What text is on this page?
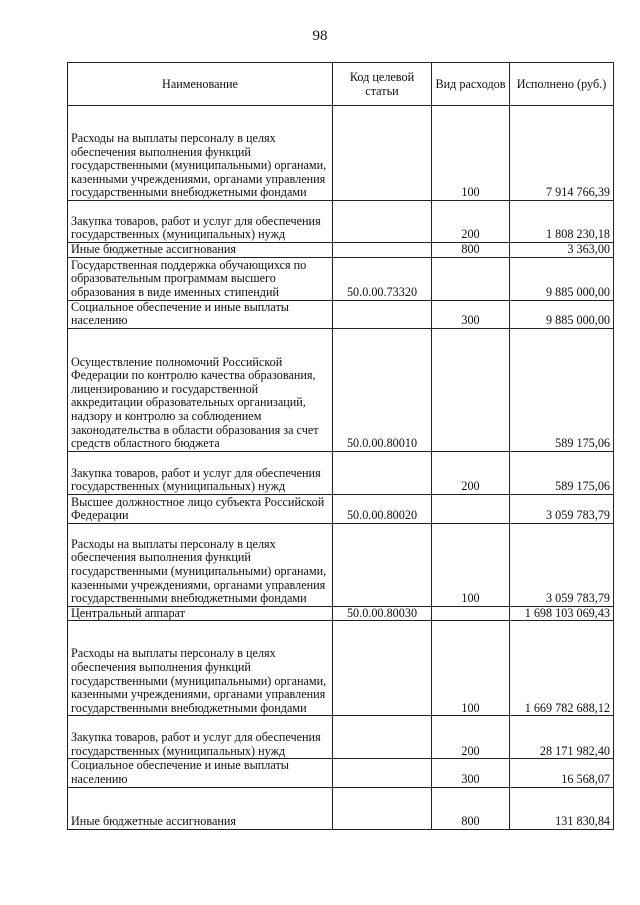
98
Наименование	Код целевой статьи	Вид расходов	Исполнено (руб.)
Расходы на выплаты персоналу в целях обеспечения выполнения функций государственными (муниципальными) органами, казенными учреждениями, органами управления государственными внебюджетными фондами		100	7 914 766,39
Закупка товаров, работ и услуг для обеспечения государственных (муниципальных) нужд		200	1 808 230,18
Иные бюджетные ассигнования		800	3 363,00
Государственная поддержка обучающихся по образовательным программам высшего образования в виде именных стипендий	50.0.00.73320		9 885 000,00
Социальное обеспечение и иные выплаты населению		300	9 885 000,00
Осуществление полномочий Российской Федерации по контролю качества образования, лицензированию и государственной аккредитации образовательных организаций, надзору и контролю за соблюдением законодательства в области образования за счет средств областного бюджета	50.0.00.80010		589 175,06
Закупка товаров, работ и услуг для обеспечения государственных (муниципальных) нужд		200	589 175,06
Высшее должностное лицо субъекта Российской Федерации	50.0.00.80020		3 059 783,79
Расходы на выплаты персоналу в целях обеспечения выполнения функций государственными (муниципальными) органами, казенными учреждениями, органами управления государственными внебюджетными фондами		100	3 059 783,79
Центральный аппарат	50.0.00.80030		1 698 103 069,43
Расходы на выплаты персоналу в целях обеспечения выполнения функций государственными (муниципальными) органами, казенными учреждениями, органами управления государственными внебюджетными фондами		100	1 669 782 688,12
Закупка товаров, работ и услуг для обеспечения государственных (муниципальных) нужд		200	28 171 982,40
Социальное обеспечение и иные выплаты населению		300	16 568,07
Иные бюджетные ассигнования		800	131 830,84
